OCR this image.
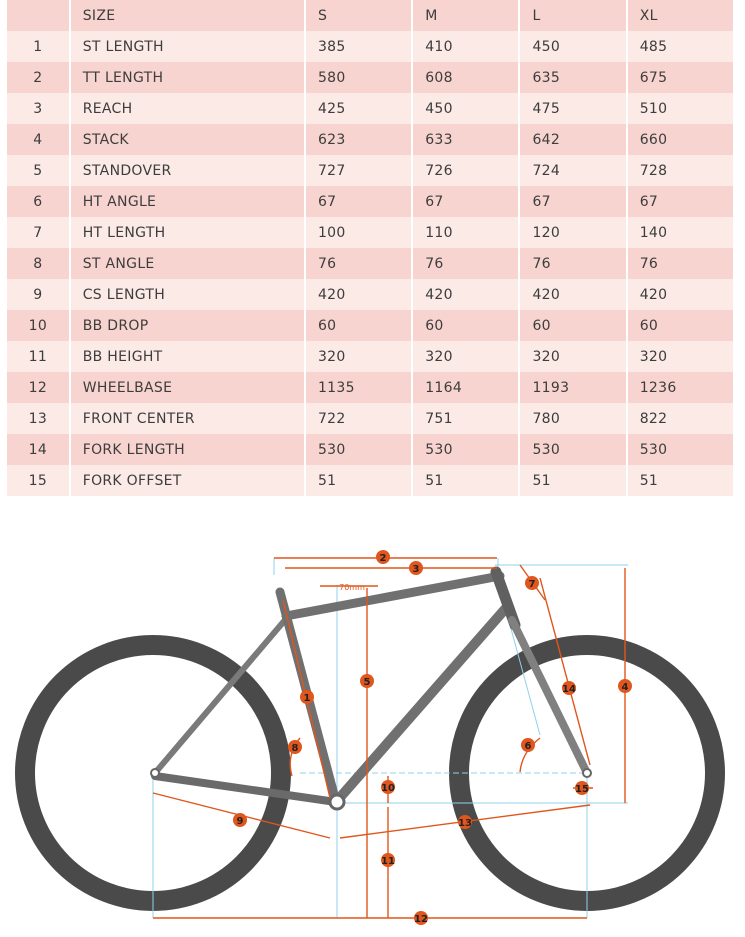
	SIZE	S	M	L	XL
1	ST LENGTH	385	410	450	485
2	TT LENGTH	580	608	635	675
3	REACH	425	450	475	510
4	STACK	623	633	642	660
5	STANDOVER	727	726	724	728
6	HT ANGLE	67	67	67	67
7	HT LENGTH	100	110	120	140
8	ST ANGLE	76	76	76	76
9	CS LENGTH	420	420	420	420
10	BB DROP	60	60	60	60
11	BB HEIGHT	320	320	320	320
12	WHEELBASE	1135	1164	1193	1236
13	FRONT CENTER	722	751	780	822
14	FORK LENGTH	530	530	530	530
15	FORK OFFSET	51	51	51	51
2
3
70mm	7
4
5
1
14
8	6
10	15
9	13
11
12
